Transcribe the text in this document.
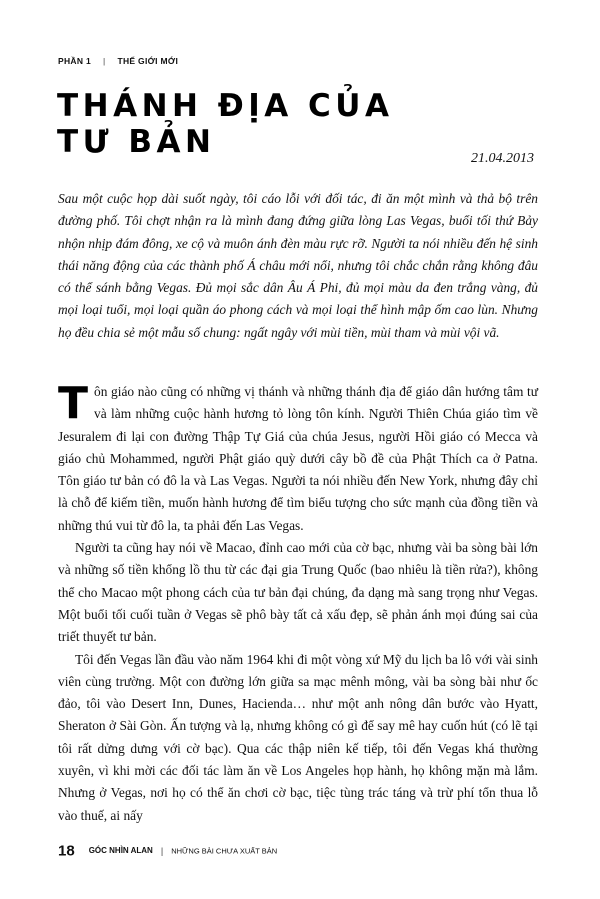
PHẦN 1 | THẾ GIỚI MỚI
THÁNH ĐỊA CỦA
TƯ BẢN	21.04.2013

Sau một cuộc họp dài suốt ngày, tôi cáo lỗi với đối tác, đi ăn một mình và thả bộ trên đường phố. Tôi chợt nhận ra là mình đang đứng giữa lòng Las Vegas, buổi tối thứ Bảy nhộn nhịp đám đông, xe cộ và muôn ánh đèn màu rực rỡ. Người ta nói nhiều đến hệ sinh thái năng động của các thành phố Á châu mới nổi, nhưng tôi chắc chắn rằng không đâu có thể sánh bằng Vegas. Đủ mọi sắc dân Âu Á Phi, đủ mọi màu da đen trắng vàng, đủ mọi loại tuổi, mọi loại quần áo phong cách và mọi loại thể hình mập ốm cao lùn. Nhưng họ đều chia sẻ một mẫu số chung: ngất ngây với mùi tiền, mùi tham và mùi vội vã.

Tôn giáo nào cũng có những vị thánh và những thánh địa để giáo dân hướng tâm tư và làm những cuộc hành hương tỏ lòng tôn kính. Người Thiên Chúa giáo tìm về Jesuralem đi lại con đường Thập Tự Giá của chúa Jesus, người Hồi giáo có Mecca và giáo chủ Mohammed, người Phật giáo quỳ dưới cây bồ đề của Phật Thích ca ở Patna. Tôn giáo tư bản có đô la và Las Vegas. Người ta nói nhiều đến New York, nhưng đây chỉ là chỗ để kiếm tiền, muốn hành hương để tìm biểu tượng cho sức mạnh của đồng tiền và những thú vui từ đô la, ta phải đến Las Vegas.

Người ta cũng hay nói về Macao, đỉnh cao mới của cờ bạc, nhưng vài ba sòng bài lớn và những số tiền khổng lồ thu từ các đại gia Trung Quốc (bao nhiêu là tiền rửa?), không thể cho Macao một phong cách của tư bản đại chúng, đa dạng mà sang trọng như Vegas. Một buổi tối cuối tuần ở Vegas sẽ phô bày tất cả xấu đẹp, sẽ phản ánh mọi đúng sai của triết thuyết tư bản.

Tôi đến Vegas lần đầu vào năm 1964 khi đi một vòng xứ Mỹ du lịch ba lô với vài sinh viên cùng trường. Một con đường lớn giữa sa mạc mênh mông, vài ba sòng bài như ốc đảo, tôi vào Desert Inn, Dunes, Hacienda… như một anh nông dân bước vào Hyatt, Sheraton ở Sài Gòn. Ấn tượng và lạ, nhưng không có gì để say mê hay cuốn hút (có lẽ tại tôi rất dửng dưng với cờ bạc). Qua các thập niên kế tiếp, tôi đến Vegas khá thường xuyên, vì khi mời các đối tác làm ăn về Los Angeles họp hành, họ không mặn mà lắm. Nhưng ở Vegas, nơi họ có thể ăn chơi cờ bạc, tiệc tùng trác táng và trừ phí tổn thua lỗ vào thuế, ai nấy

18 GÓC NHÌN ALAN | NHỮNG BÀI CHƯA XUẤT BẢN
